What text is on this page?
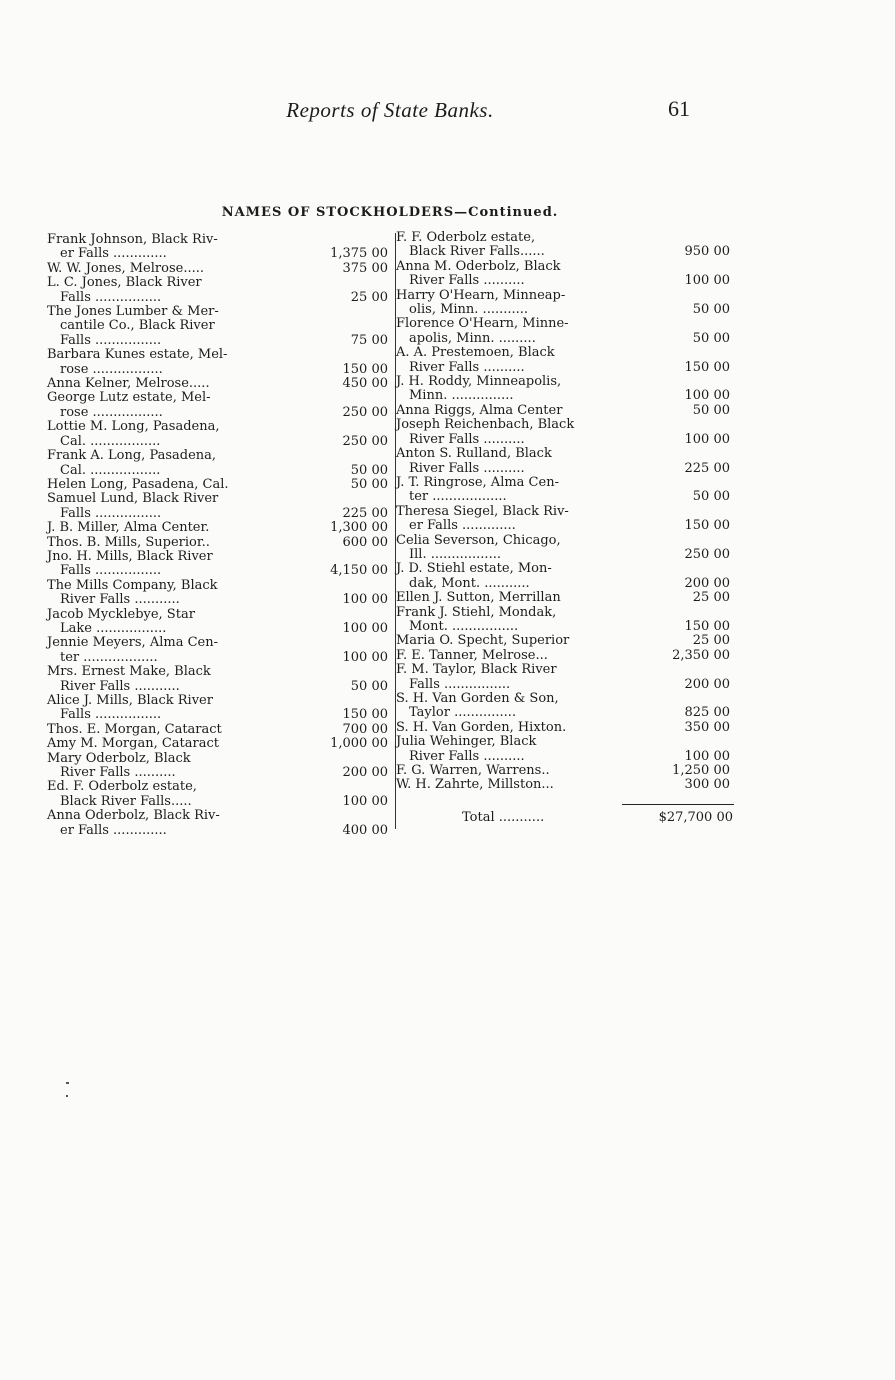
Reports of State Banks.	61
NAMES OF STOCKHOLDERS—Continued.
Frank Johnson, Black Riv-
er Falls .............	1,375 00
W. W. Jones, Melrose.....	375 00
L. C. Jones, Black River
Falls ................	25 00
The Jones Lumber & Mer-
cantile Co., Black River
Falls ................	75 00
Barbara Kunes estate, Mel-
rose .................	150 00
Anna Kelner, Melrose.....	450 00
George Lutz estate, Mel-
rose .................	250 00
Lottie M. Long, Pasadena,
Cal. .................	250 00
Frank A. Long, Pasadena,
Cal. .................	50 00
Helen Long, Pasadena, Cal.	50 00
Samuel Lund, Black River
Falls ................	225 00
J. B. Miller, Alma Center.	1,300 00
Thos. B. Mills, Superior..	600 00
Jno. H. Mills, Black River
Falls ................	4,150 00
The Mills Company, Black
River Falls ...........	100 00
Jacob Mycklebye, Star
Lake .................	100 00
Jennie Meyers, Alma Cen-
ter ..................	100 00
Mrs. Ernest Make, Black
River Falls ...........	50 00
Alice J. Mills, Black River
Falls ................	150 00
Thos. E. Morgan, Cataract	700 00
Amy M. Morgan, Cataract	1,000 00
Mary Oderbolz, Black
River Falls ..........	200 00
Ed. F. Oderbolz estate,
Black River Falls.....	100 00
Anna Oderbolz, Black Riv-
er Falls .............	400 00
F. F. Oderbolz estate,
Black River Falls......	950 00
Anna M. Oderbolz, Black
River Falls ..........	100 00
Harry O'Hearn, Minneap-
olis, Minn. ...........	50 00
Florence O'Hearn, Minne-
apolis, Minn. .........	50 00
A. A. Prestemoen, Black
River Falls ..........	150 00
J. H. Roddy, Minneapolis,
Minn. ...............	100 00
Anna Riggs, Alma Center	50 00
Joseph Reichenbach, Black
River Falls ..........	100 00
Anton S. Rulland, Black
River Falls ..........	225 00
J. T. Ringrose, Alma Cen-
ter ..................	50 00
Theresa Siegel, Black Riv-
er Falls .............	150 00
Celia Severson, Chicago,
Ill. .................	250 00
J. D. Stiehl estate, Mon-
dak, Mont. ...........	200 00
Ellen J. Sutton, Merrillan	25 00
Frank J. Stiehl, Mondak,
Mont. ................	150 00
Maria O. Specht, Superior	25 00
F. E. Tanner, Melrose...	2,350 00
F. M. Taylor, Black River
Falls ................	200 00
S. H. Van Gorden & Son,
Taylor ...............	825 00
S. H. Van Gorden, Hixton.	350 00
Julia Wehinger, Black
River Falls ..........	100 00
F. G. Warren, Warrens..	1,250 00
W. H. Zahrte, Millston...	300 00
Total ...........	$27,700 00
